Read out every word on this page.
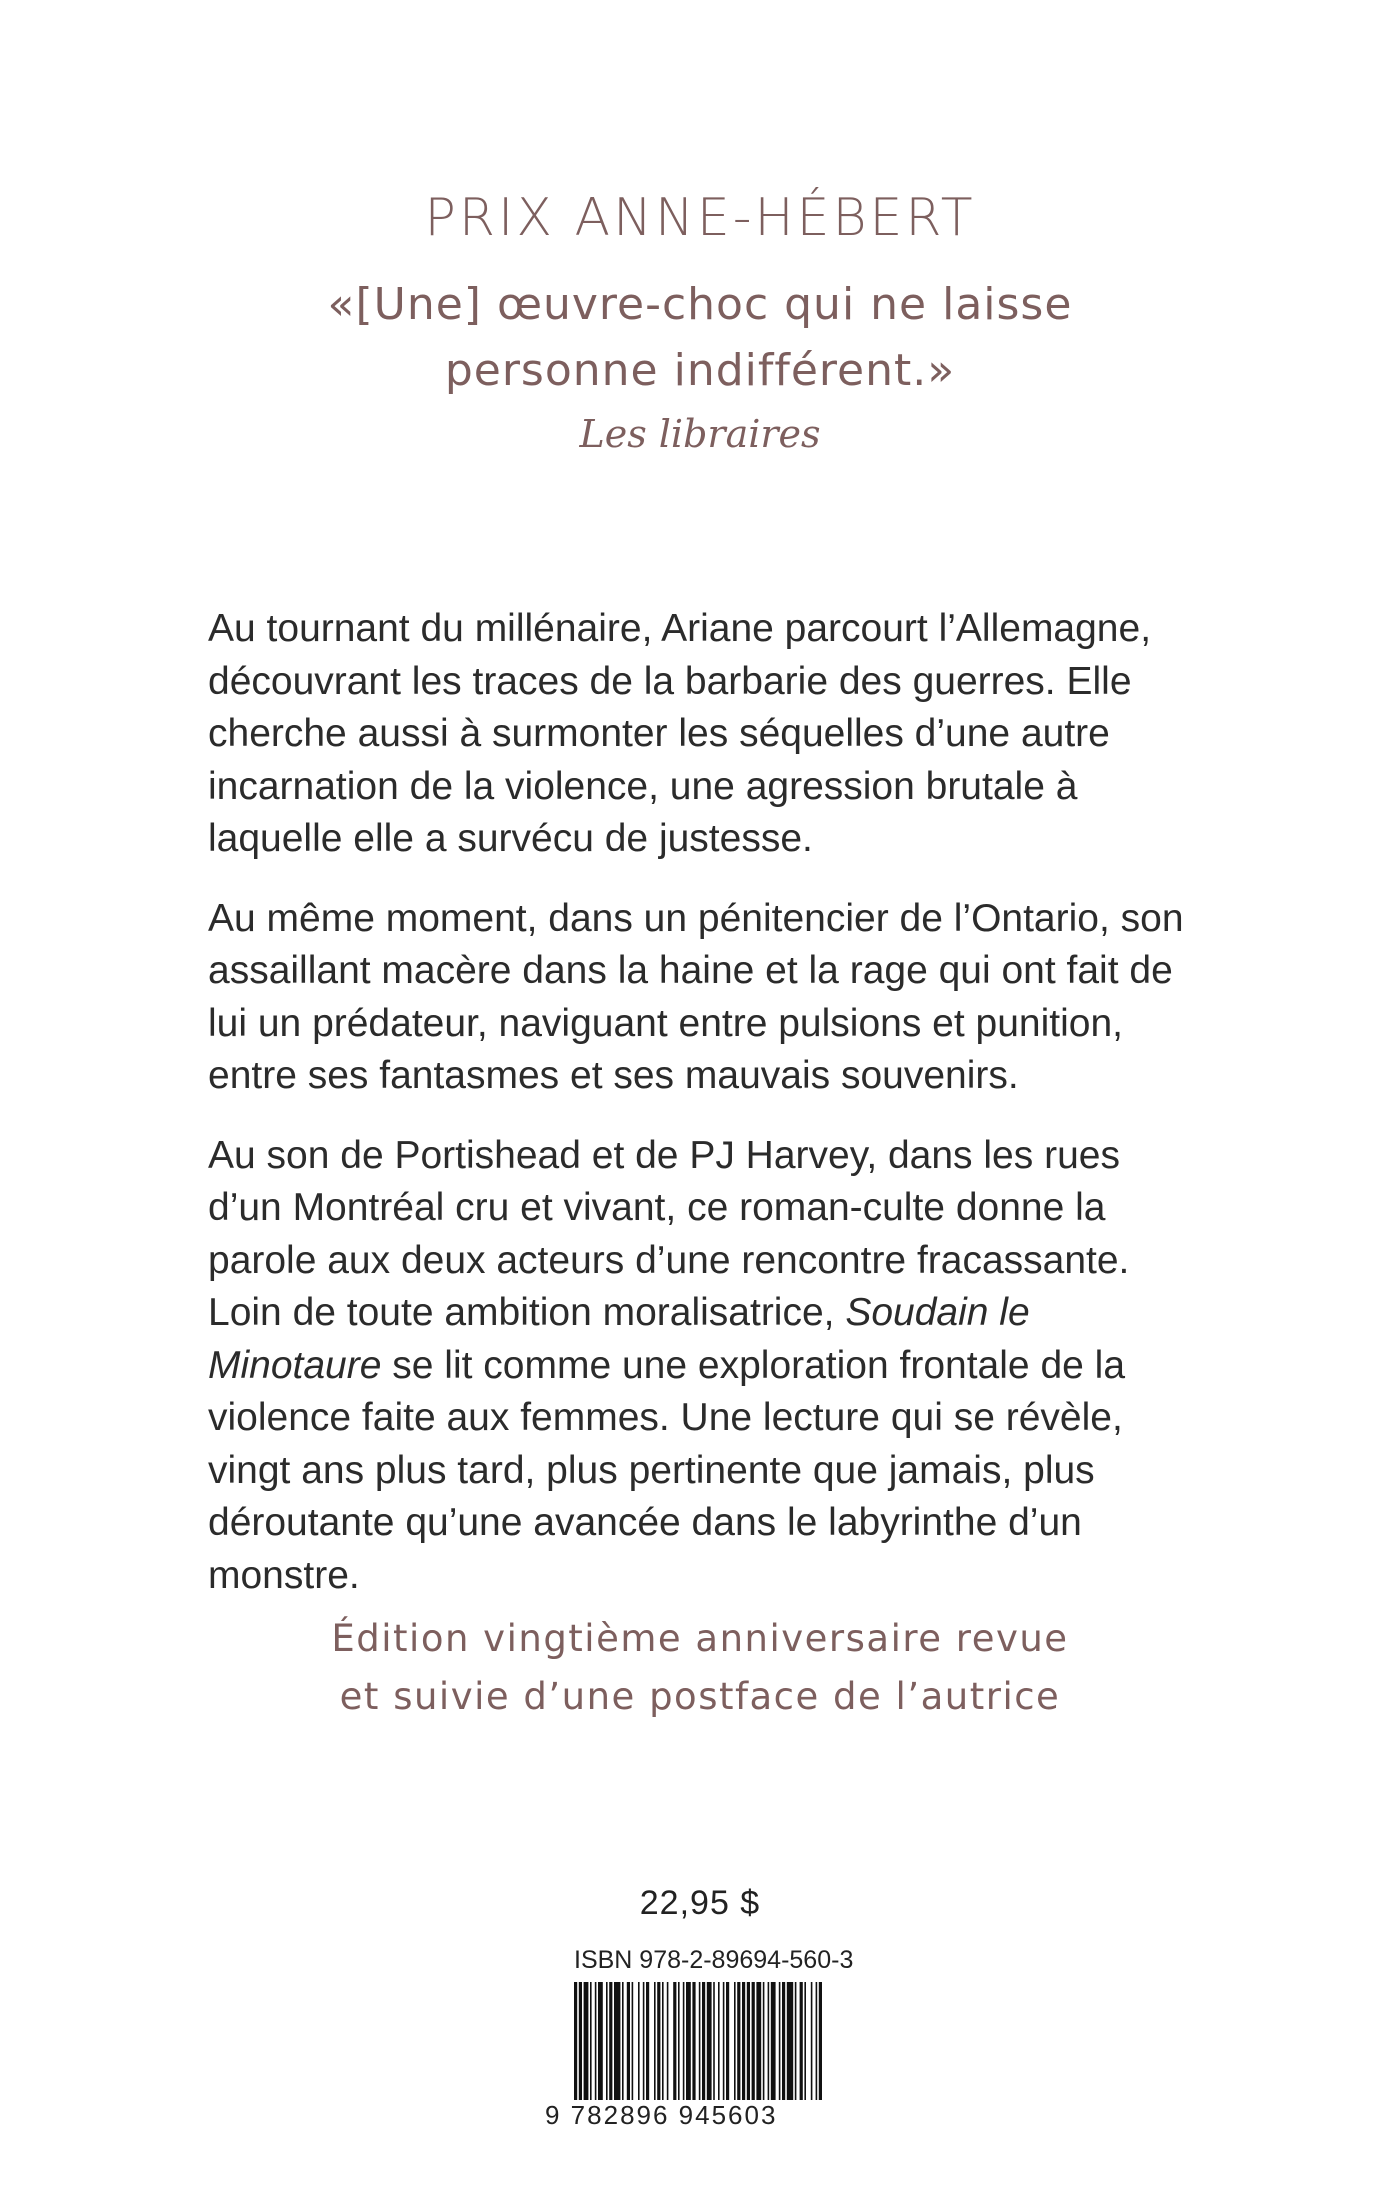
PRIX ANNE-HÉBERT
«[Une] œuvre-choc qui ne laisse
personne indifférent.»
Les libraires

Au tournant du millénaire, Ariane parcourt l’Allemagne, découvrant les traces de la barbarie des guerres. Elle cherche aussi à surmonter les séquelles d’une autre incarnation de la violence, une agression brutale à laquelle elle a survécu de justesse.

Au même moment, dans un pénitencier de l’Ontario, son assaillant macère dans la haine et la rage qui ont fait de lui un prédateur, naviguant entre pulsions et punition, entre ses fantasmes et ses mauvais souvenirs.

Au son de Portishead et de PJ Harvey, dans les rues d’un Montréal cru et vivant, ce roman-culte donne la parole aux deux acteurs d’une rencontre fracassante. Loin de toute ambition moralisatrice, Soudain le Minotaure se lit comme une exploration frontale de la violence faite aux femmes. Une lecture qui se révèle, vingt ans plus tard, plus pertinente que jamais, plus déroutante qu’une avancée dans le labyrinthe d’un monstre.

Édition vingtième anniversaire revue
et suivie d’une postface de l’autrice
22,95 $
ISBN 978-2-89694-560-3
9 782896 945603
